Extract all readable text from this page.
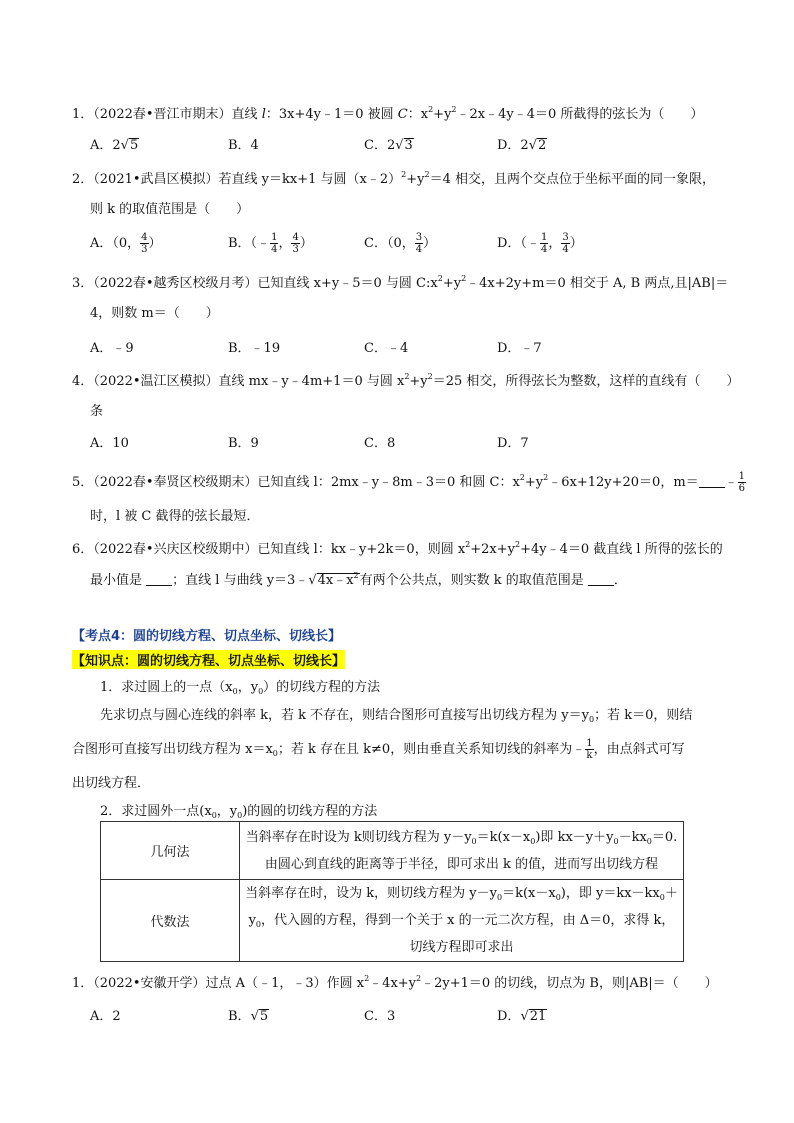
1．（2022春•晋江市期末）直线 l：3x+4y﹣1＝0 被圆 C：$x^2+y^2﹣2x﹣4y﹣4=0$ 所截得的弦长为（　　）
A．2√5	B．4	C．2√3	D．2√2
2．（2021•武昌区模拟）若直线 y＝kx+1 与圆$(x﹣2)^2+y^2=4$ 相交，且两个交点位于坐标平面的同一象限，
则 k 的取值范围是（　　）
A．（0， $\frac{4}{3}$ ）	B．（﹣ $\frac{1}{4}$ ， $\frac{4}{3}$ ）	C．（0， $\frac{3}{4}$ ）	D．（﹣ $\frac{1}{4}$ ， $\frac{3}{4}$ ）
3．（2022春•越秀区校级月考）已知直线 x+y﹣5＝0 与圆 $C:x^2+y^2﹣4x+2y+m=0$ 相交于 A, B 两点,且|AB|＝
4，则数 m＝（　　）
A．﹣9	B．﹣19	C．﹣4	D．﹣7
4．（2022•温江区模拟）直线 mx﹣y﹣4m+1＝0 与圆 $x^2+y^2=25$ 相交，所得弦长为整数，这样的直线有（　　）
条
A．10	B．9	C．8	D．7
5．（2022春•奉贤区校级期末）已知直线 l：2mx﹣y﹣8m﹣3＝0 和圆 C：$x^2+y^2﹣6x+12y+20=0$，m＝ ﹣ $\frac{1}{6}$
时，l 被 C 截得的弦长最短．
6．（2022春•兴庆区校级期中）已知直线 l：kx﹣y+2k＝0，则圆 $x^2+2x+y^2+4y﹣4=0$ 截直线 l 所得的弦长的
最小值是 ；直线 l 与曲线 $y=3﹣√4x﹣x^2$有两个公共点，则实数 k 的取值范围是 ．
【考点4：圆的切线方程、切点坐标、切线长】
【知识点：圆的切线方程、切点坐标、切线长】
1．求过圆上的一点（$x_0$，$y_0$）的切线方程的方法
先求切点与圆心连线的斜率 k，若 k 不存在，则结合图形可直接写出切线方程为 $y=y_0$；若 k＝0，则结
合图形可直接写出切线方程为 $x=x_0$；若 k 存在且 k≠0，则由垂直关系知切线的斜率为﹣ $\frac{1}{k}$ ，由点斜式可写
出切线方程．
2．求过圆外一点($x_0$，$y_0$)的圆的切线方程的方法
几何法	当斜率存在时设为 k则切线方程为 $y-y_0=k(x-x_0)$即 $kx-y+y_0-kx_0=0$.
由圆心到直线的距离等于半径，即可求出 k 的值，进而写出切线方程

代数法	当斜率存在时，设为 k，则切线方程为 $y-y_0=k(x-x_0)$，即 $y=kx-kx_0+$
$y_0$，代入圆的方程，得到一个关于 x 的一元二次方程，由 Δ＝0，求得 k，
切线方程即可求出
1．（2022•安徽开学）过点 A（﹣1，﹣3）作圆 $x^2﹣4x+y^2﹣2y+1=0$ 的切线，切点为 B，则|AB|＝（　　）
A．2	B．√5	C．3	D．√21
